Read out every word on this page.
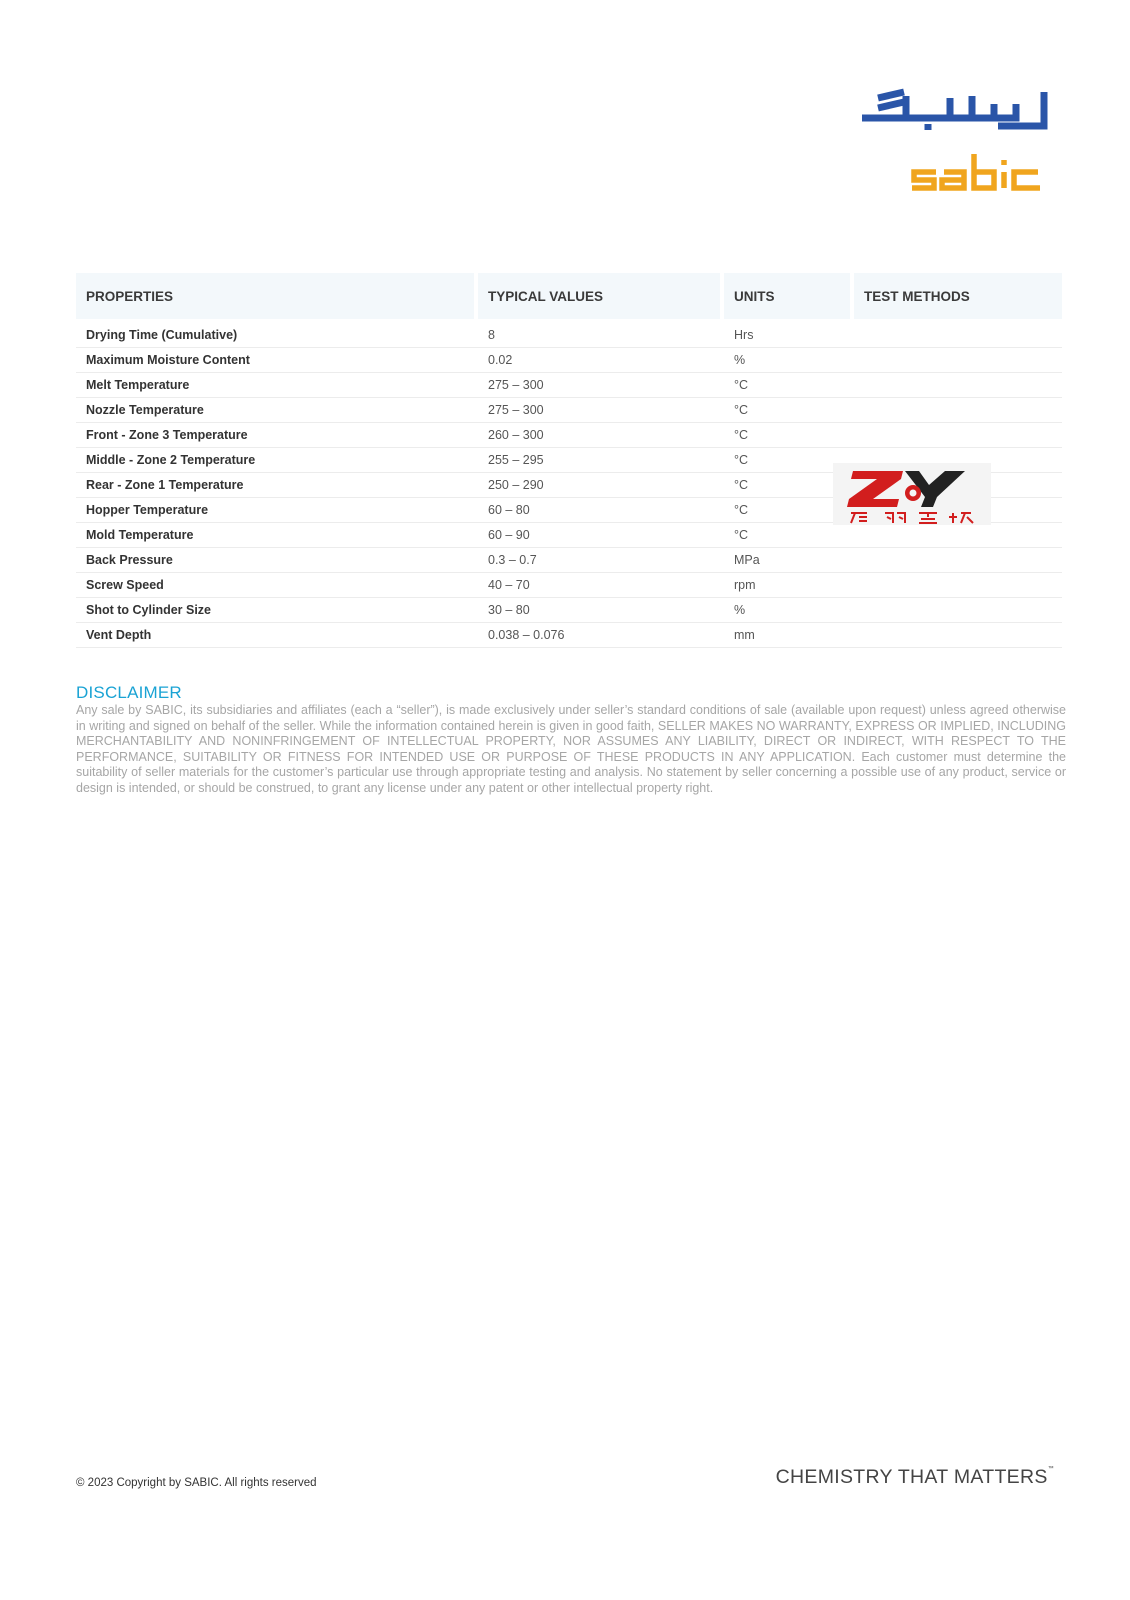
PROPERTIES	TYPICAL VALUES	UNITS	TEST METHODS
Drying Time (Cumulative)	8	Hrs	
Maximum Moisture Content	0.02	%	
Melt Temperature	275 – 300	°C	
Nozzle Temperature	275 – 300	°C	
Front - Zone 3 Temperature	260 – 300	°C	
Middle - Zone 2 Temperature	255 – 295	°C	
Rear - Zone 1 Temperature	250 – 290	°C	
Hopper Temperature	60 – 80	°C	
Mold Temperature	60 – 90	°C	
Back Pressure	0.3 – 0.7	MPa	
Screw Speed	40 – 70	rpm	
Shot to Cylinder Size	30 – 80	%	
Vent Depth	0.038 – 0.076	mm	
DISCLAIMER

Any sale by SABIC, its subsidiaries and affiliates (each a “seller”), is made exclusively under seller’s standard conditions of sale (available upon request) unless agreed otherwise in writing and signed on behalf of the seller. While the information contained herein is given in good faith, SELLER MAKES NO WARRANTY, EXPRESS OR IMPLIED, INCLUDING MERCHANTABILITY AND NONINFRINGEMENT OF INTELLECTUAL PROPERTY, NOR ASSUMES ANY LIABILITY, DIRECT OR INDIRECT, WITH RESPECT TO THE PERFORMANCE, SUITABILITY OR FITNESS FOR INTENDED USE OR PURPOSE OF THESE PRODUCTS IN ANY APPLICATION. Each customer must determine the suitability of seller materials for the customer’s particular use through appropriate testing and analysis. No statement by seller concerning a possible use of any product, service or design is intended, or should be construed, to grant any license under any patent or other intellectual property right.

© 2023 Copyright by SABIC. All rights reserved	CHEMISTRY THAT MATTERS™
